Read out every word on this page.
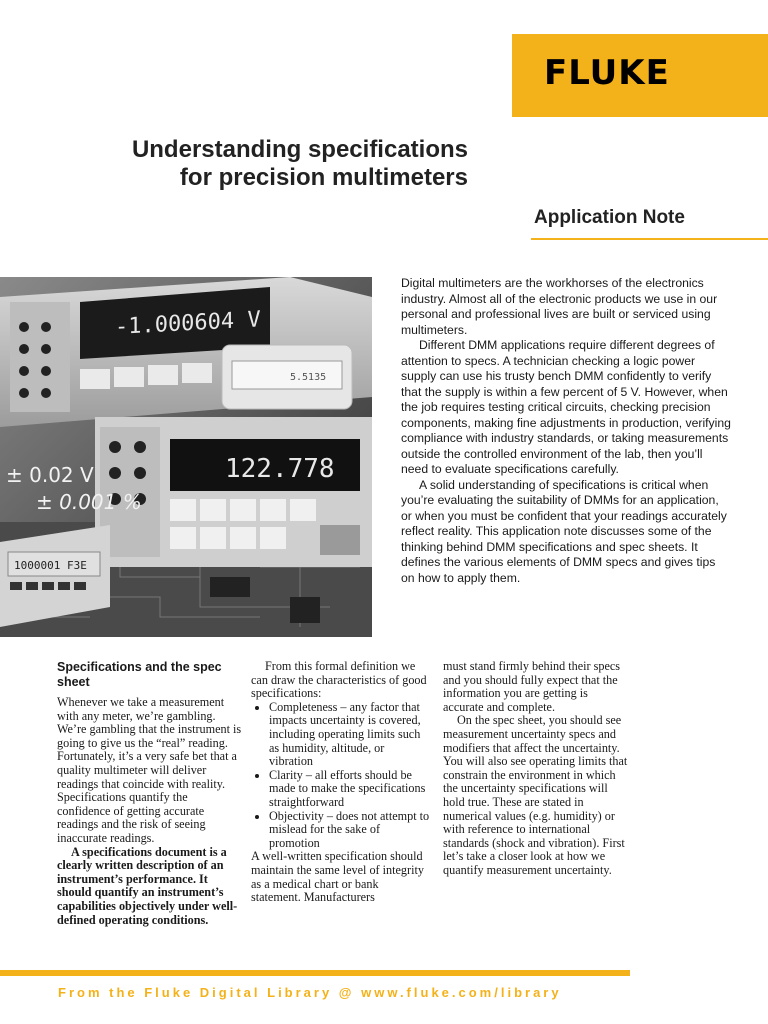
FLUKE
Understanding specifications
for precision multimeters
Application Note
-1.000604 V
5.5135
122.778
± 0.02 V
± 0.001 %
1000001 F3E

Digital multimeters are the workhorses of the electronics industry. Almost all of the electronic products we use in our personal and professional lives are built or serviced using multimeters.

Different DMM applications require different degrees of attention to specs. A technician checking a logic power supply can use his trusty bench DMM confidently to verify that the supply is within a few percent of 5 V. However, when the job requires testing critical circuits, checking precision components, making fine adjustments in production, verifying compliance with industry standards, or taking measurements outside the controlled environment of the lab, then you’ll need to evaluate specifications carefully.

A solid understanding of specifications is critical when you’re evaluating the suitability of DMMs for an application, or when you must be confident that your readings accurately reflect reality. This application note discusses some of the thinking behind DMM specifications and spec sheets. It defines the various elements of DMM specs and gives tips on how to apply them.

Specifications and the spec sheet

Whenever we take a measurement with any meter, we’re gambling. We’re gambling that the instrument is going to give us the “real” reading. Fortunately, it’s a very safe bet that a quality multimeter will deliver readings that coincide with reality. Specifications quantify the confidence of getting accurate readings and the risk of seeing inaccurate readings.

A specifications document is a clearly written description of an instrument’s performance. It should quantify an instrument’s capabilities objectively under well-defined operating conditions.

From this formal definition we can draw the characteristics of good specifications:

• Completeness – any factor that impacts uncertainty is covered, including operating limits such as humidity, altitude, or vibration
• Clarity – all efforts should be made to make the specifications straightforward
• Objectivity – does not attempt to mislead for the sake of promotion

A well-written specification should maintain the same level of integrity as a medical chart or bank statement. Manufacturers

must stand firmly behind their specs and you should fully expect that the information you are getting is accurate and complete.

On the spec sheet, you should see measurement uncertainty specs and modifiers that affect the uncertainty. You will also see operating limits that constrain the environment in which the uncertainty specifications will hold true. These are stated in numerical values (e.g. humidity) or with reference to international standards (shock and vibration). First let’s take a closer look at how we quantify measurement uncertainty.

From the Fluke Digital Library @ www.fluke.com/library
